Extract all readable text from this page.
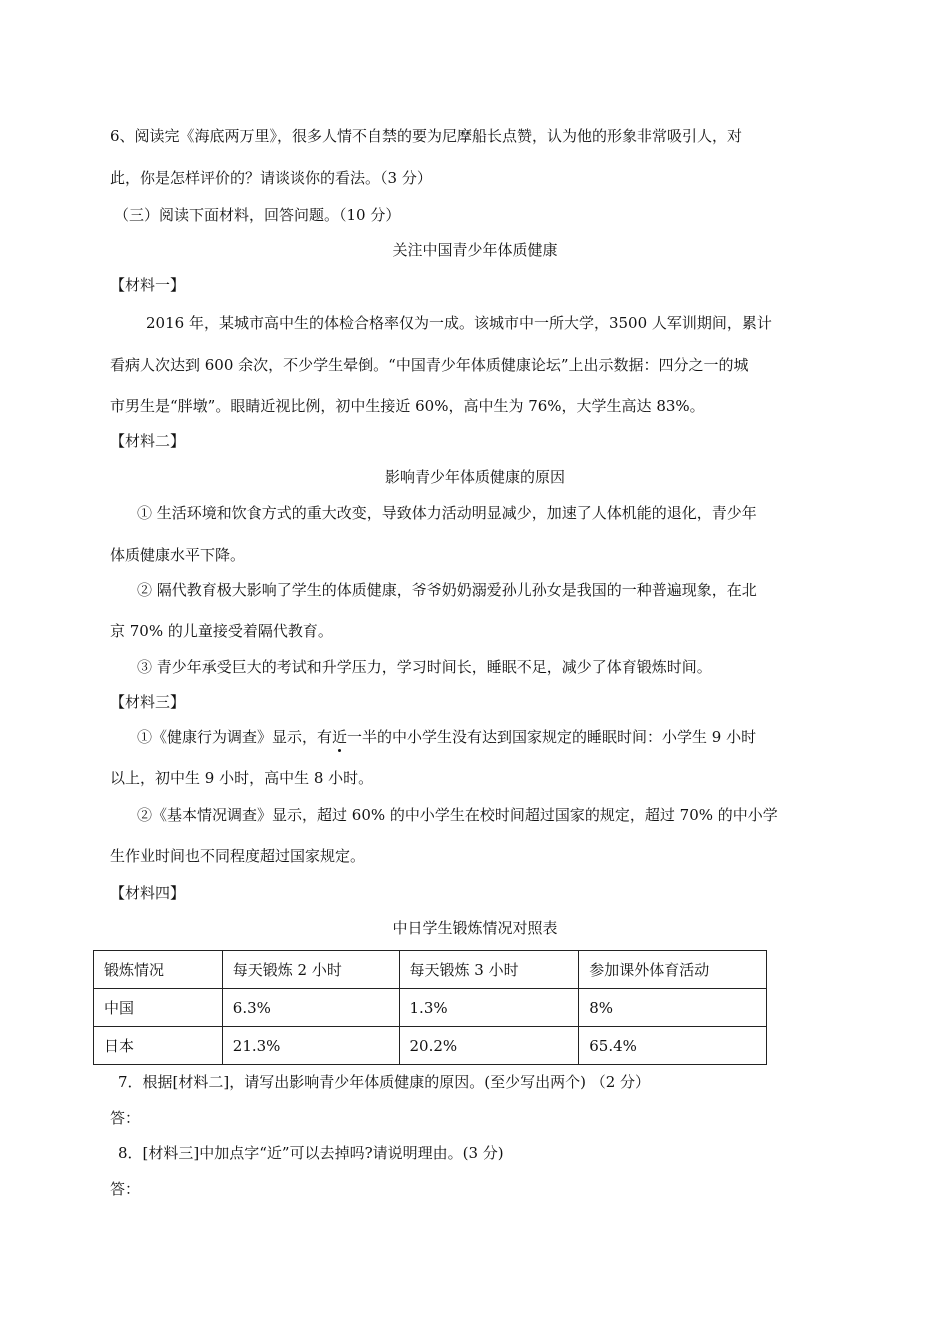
6、阅读完《海底两万里》，很多人情不自禁的要为尼摩船长点赞，认为他的形象非常吸引人，对
此，你是怎样评价的？请谈谈你的看法。（3 分）
（三）阅读下面材料，回答问题。（10 分）
关注中国青少年体质健康
【材料一】
2016 年，某城市高中生的体检合格率仅为一成。该城市中一所大学，3500 人军训期间，累计
看病人次达到 600 余次，不少学生晕倒。“中国青少年体质健康论坛”上出示数据：四分之一的城
市男生是“胖墩”。眼睛近视比例，初中生接近 60%，高中生为 76%，大学生高达 83%。
【材料二】
影响青少年体质健康的原因
① 生活环境和饮食方式的重大改变，导致体力活动明显减少，加速了人体机能的退化，青少年
体质健康水平下降。
② 隔代教育极大影响了学生的体质健康，爷爷奶奶溺爱孙儿孙女是我国的一种普遍现象，在北
京 70% 的儿童接受着隔代教育。
③ 青少年承受巨大的考试和升学压力，学习时间长，睡眠不足，减少了体育锻炼时间。
【材料三】
①《健康行为调查》显示，有近一半的中小学生没有达到国家规定的睡眠时间：小学生 9 小时
以上，初中生 9 小时，高中生 8 小时。
②《基本情况调查》显示，超过 60% 的中小学生在校时间超过国家的规定，超过 70% 的中小学
生作业时间也不同程度超过国家规定。
【材料四】
中日学生锻炼情况对照表
锻炼情况	每天锻炼 2 小时	每天锻炼 3 小时	参加课外体育活动
中国	6.3%	1.3%	8%
日本	21.3%	20.2%	65.4%
7．根据[材料二]，请写出影响青少年体质健康的原因。(至少写出两个) （2 分）
答：
8．[材料三]中加点字“近”可以去掉吗?请说明理由。(3 分)
答：
